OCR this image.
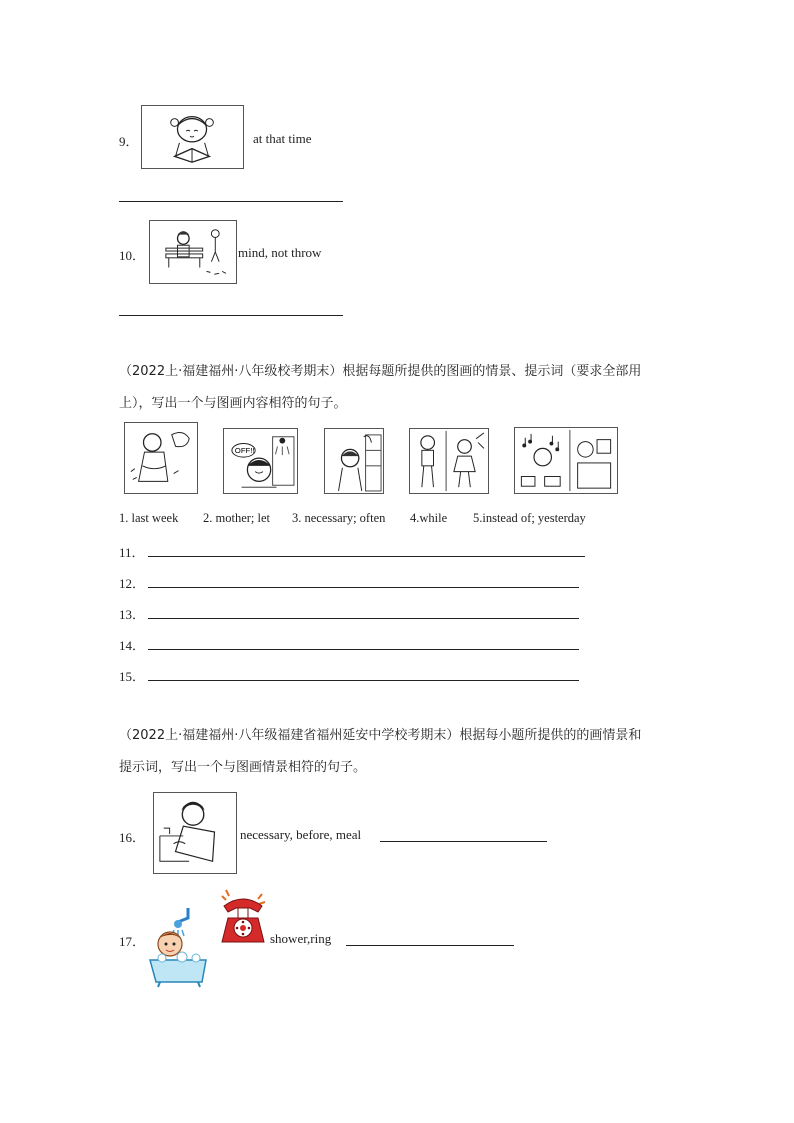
9．	at that time
10．	mind, not throw
（2022上·福建福州·八年级校考期末）根据每题所提供的图画的情景、提示词（要求全部用
上），写出一个与图画内容相符的句子。
OFF!!
1. last week 2. mother; let 3. necessary; often 4.while 5.instead of; yesterday
11．
12．
13．
14．
15．
（2022上·福建福州·八年级福建省福州延安中学校考期末）根据每小题所提供的的画情景和
提示词，写出一个与图画情景相符的句子。
16．	necessary, before, meal
17．	shower,ring
